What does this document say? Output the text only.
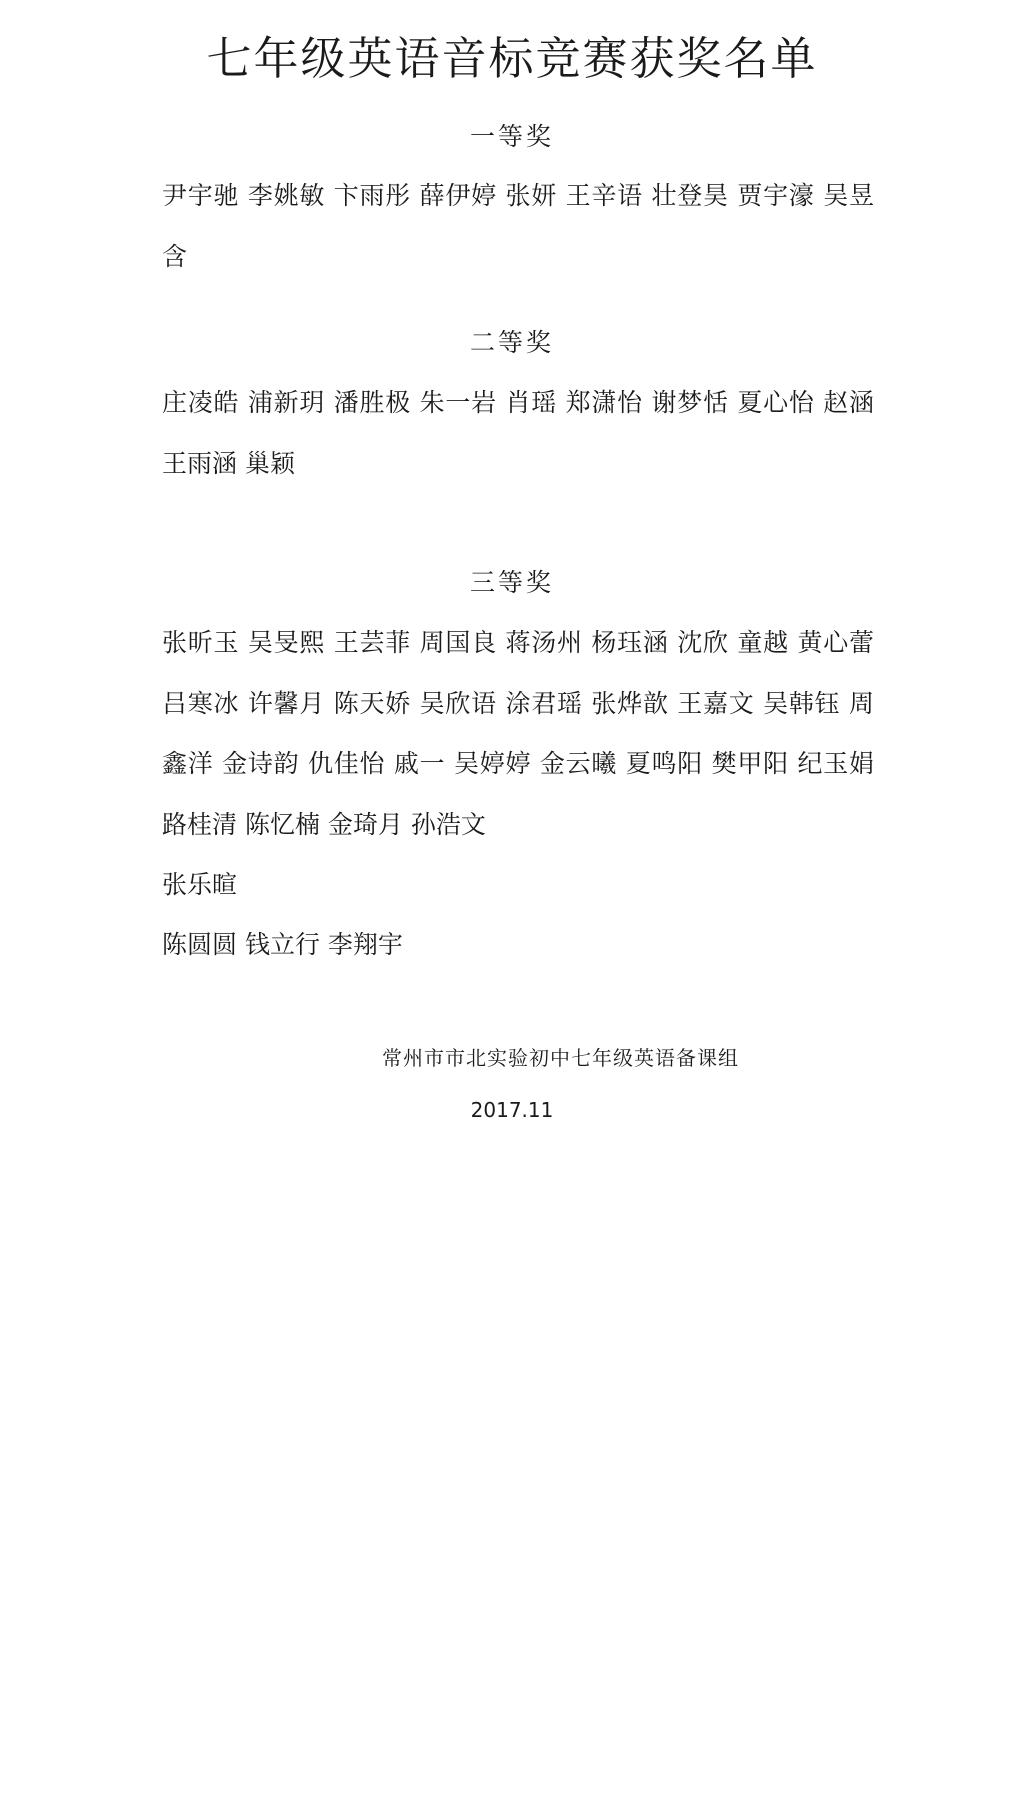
七年级英语音标竞赛获奖名单
一等奖
尹宇驰 李姚敏 卞雨彤 薛伊婷 张妍 王辛语 壮登昊 贾宇濠 吴昱含
二等奖
庄凌皓 浦新玥 潘胜极 朱一岩 肖瑶 郑潇怡 谢梦恬 夏心怡 赵涵王雨涵 巢颖
三等奖
张昕玉 吴旻熙 王芸菲 周国良 蒋汤州 杨珏涵 沈欣 童越 黄心蕾吕寒冰 许馨月 陈天娇 吴欣语 涂君瑶 张烨歆 王嘉文 吴韩钰 周鑫洋 金诗韵 仇佳怡 戚一 吴婷婷 金云曦 夏鸣阳 樊甲阳 纪玉娟路桂清 陈忆楠 金琦月 孙浩文
张乐暄
陈圆圆 钱立行 李翔宇
常州市市北实验初中七年级英语备课组
2017.11
